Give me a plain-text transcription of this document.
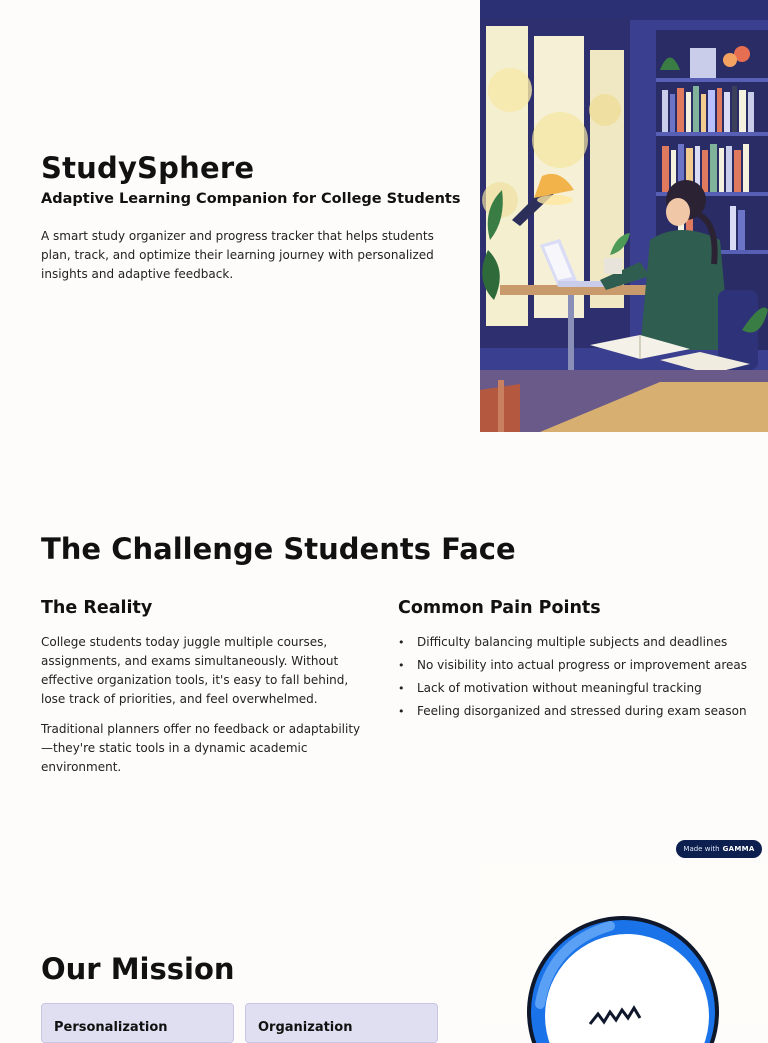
StudySphere
Adaptive Learning Companion for College Students

A smart study organizer and progress tracker that helps students plan, track, and optimize their learning journey with personalized insights and adaptive feedback.

The Challenge Students Face
The Reality

College students today juggle multiple courses, assignments, and exams simultaneously. Without effective organization tools, it's easy to fall behind, lose track of priorities, and feel overwhelmed.

Traditional planners offer no feedback or adaptability—they're static tools in a dynamic academic environment.

Common Pain Points
• Difficulty balancing multiple subjects and deadlines
• No visibility into actual progress or improvement areas
• Lack of motivation without meaningful tracking
• Feeling disorganized and stressed during exam season
Made with GAMMA
Our Mission
Personalization	Organization
